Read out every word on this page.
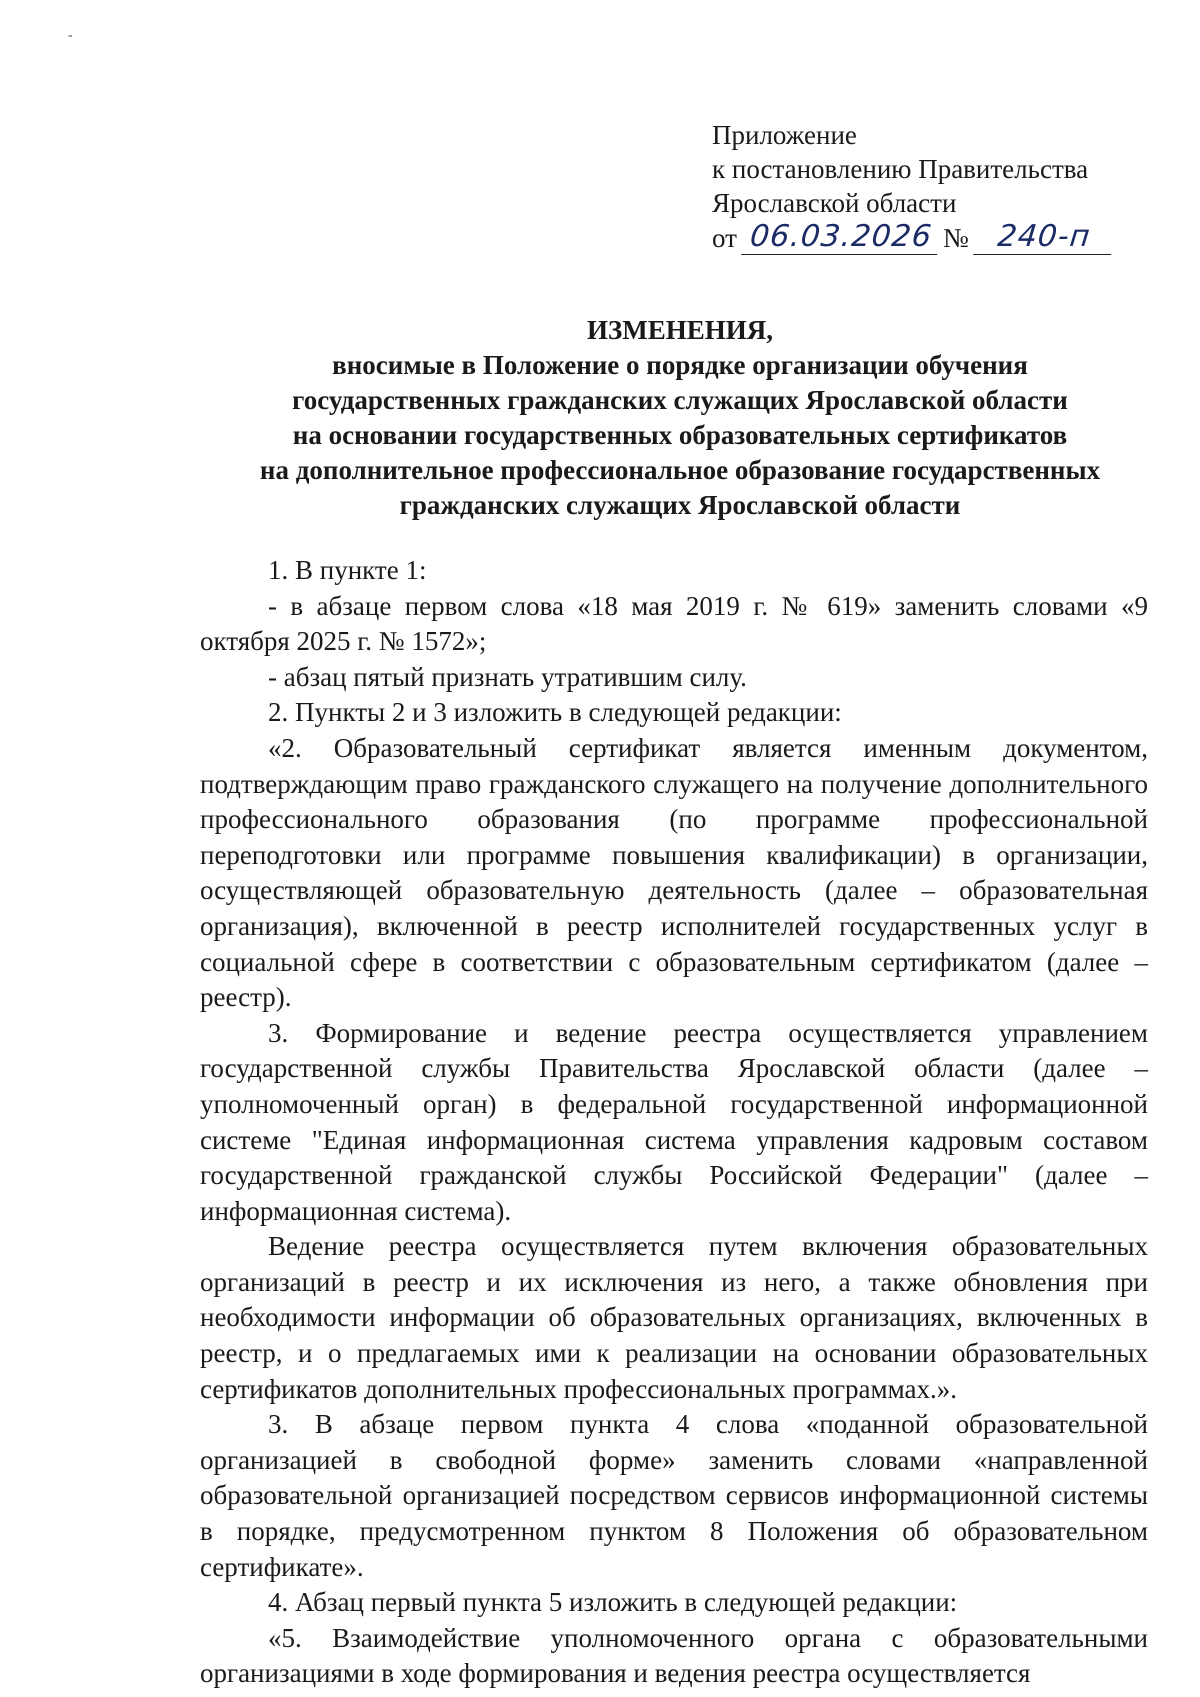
-
Приложение
к постановлению Правительства
Ярославской области
от 06.03.2026 № 240-п
ИЗМЕНЕНИЯ,
вносимые в Положение о порядке организации обучения
государственных гражданских служащих Ярославской области
на основании государственных образовательных сертификатов
на дополнительное профессиональное образование государственных
гражданских служащих Ярославской области

1. В пункте 1:

- в абзаце первом слова «18 мая 2019 г. № 619» заменить словами «9 октября 2025 г. № 1572»;

- абзац пятый признать утратившим силу.

2. Пункты 2 и 3 изложить в следующей редакции:

«2. Образовательный сертификат является именным документом, подтверждающим право гражданского служащего на получение дополнительного профессионального образования (по программе профессиональной переподготовки или программе повышения квалификации) в организации, осуществляющей образовательную деятельность (далее – образовательная организация), включенной в реестр исполнителей государственных услуг в социальной сфере в соответствии с образовательным сертификатом (далее – реестр).

3. Формирование и ведение реестра осуществляется управлением государственной службы Правительства Ярославской области (далее – уполномоченный орган) в федеральной государственной информационной системе "Единая информационная система управления кадровым составом государственной гражданской службы Российской Федерации" (далее – информационная система).

Ведение реестра осуществляется путем включения образовательных организаций в реестр и их исключения из него, а также обновления при необходимости информации об образовательных организациях, включенных в реестр, и о предлагаемых ими к реализации на основании образовательных сертификатов дополнительных профессиональных программах.».

3. В абзаце первом пункта 4 слова «поданной образовательной организацией в свободной форме» заменить словами «направленной образовательной организацией посредством сервисов информационной системы в порядке, предусмотренном пунктом 8 Положения об образовательном сертификате».

4. Абзац первый пункта 5 изложить в следующей редакции:

«5. Взаимодействие уполномоченного органа с образовательными организациями в ходе формирования и ведения реестра осуществляется
